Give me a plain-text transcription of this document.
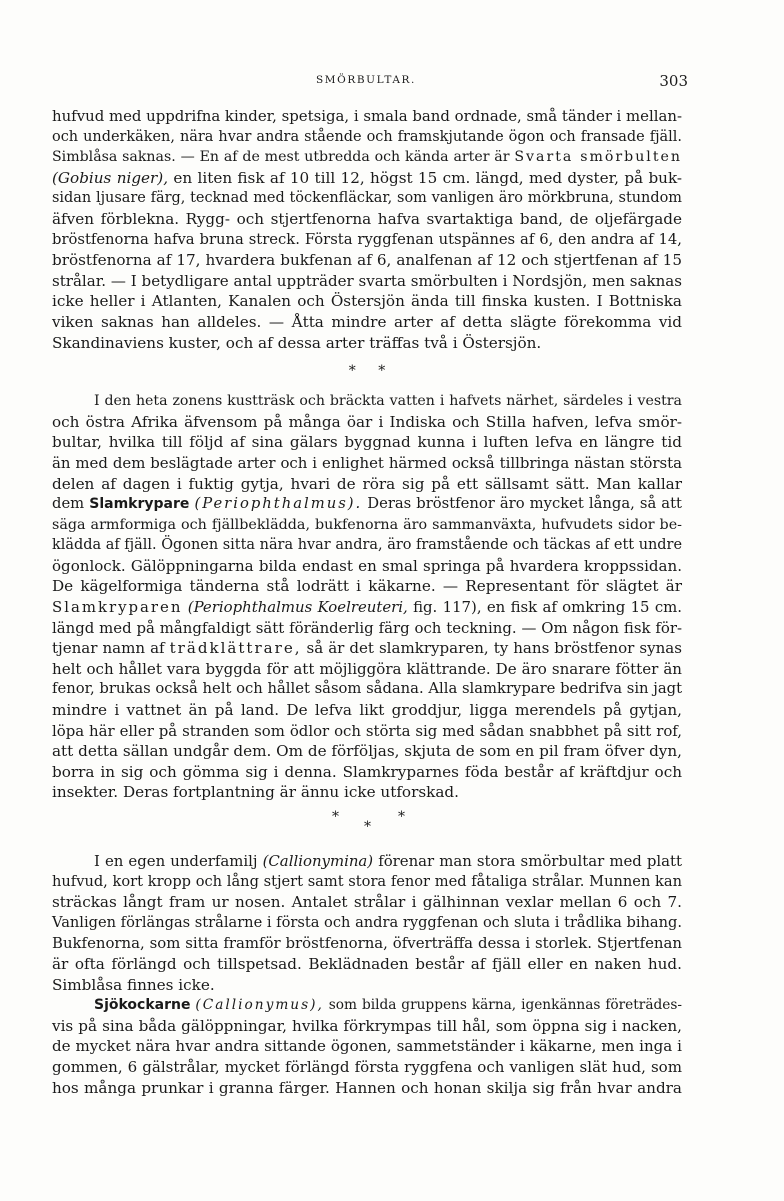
SMÖRBULTAR.	303
hufvud med uppdrifna kinder, spetsiga, i smala band ordnade, små tänder i mellan-
och underkäken, nära hvar andra stående och framskjutande ögon och fransade fjäll.
Simblåsa saknas. — En af de mest utbredda och kända arter är Svarta smörbulten
(Gobius niger), en liten fisk af 10 till 12, högst 15 cm. längd, med dyster, på buk-
sidan ljusare färg, tecknad med töckenfläckar, som vanligen äro mörkbruna, stundom
äfven förblekna. Rygg- och stjertfenorna hafva svartaktiga band, de oljefärgade
bröstfenorna hafva bruna streck. Första ryggfenan utspännes af 6, den andra af 14,
bröstfenorna af 17, hvardera bukfenan af 6, analfenan af 12 och stjertfenan af 15
strålar. — I betydligare antal uppträder svarta smörbulten i Nordsjön, men saknas
icke heller i Atlanten, Kanalen och Östersjön ända till finska kusten. I Bottniska
viken saknas han alldeles. — Åtta mindre arter af detta slägte förekomma vid
Skandinaviens kuster, och af dessa arter träffas två i Östersjön.
* *
I den heta zonens kustträsk och bräckta vatten i hafvets närhet, särdeles i vestra
och östra Afrika äfvensom på många öar i Indiska och Stilla hafven, lefva smör-
bultar, hvilka till följd af sina gälars byggnad kunna i luften lefva en längre tid
än med dem beslägtade arter och i enlighet härmed också tillbringa nästan största
delen af dagen i fuktig gytja, hvari de röra sig på ett sällsamt sätt. Man kallar
dem Slamkrypare (Periophthalmus). Deras bröstfenor äro mycket långa, så att
säga armformiga och fjällbeklädda, bukfenorna äro sammanväxta, hufvudets sidor be-
klädda af fjäll. Ögonen sitta nära hvar andra, äro framstående och täckas af ett undre
ögonlock. Gälöppningarna bilda endast en smal springa på hvardera kroppssidan.
De kägelformiga tänderna stå lodrätt i käkarne. — Representant för slägtet är
Slamkryparen (Periophthalmus Koelreuteri, fig. 117), en fisk af omkring 15 cm.
längd med på mångfaldigt sätt föränderlig färg och teckning. — Om någon fisk för-
tjenar namn af trädklättrare, så är det slamkryparen, ty hans bröstfenor synas
helt och hållet vara byggda för att möjliggöra klättrande. De äro snarare fötter än
fenor, brukas också helt och hållet såsom sådana. Alla slamkrypare bedrifva sin jagt
mindre i vattnet än på land. De lefva likt groddjur, ligga merendels på gytjan,
löpa här eller på stranden som ödlor och störta sig med sådan snabbhet på sitt rof,
att detta sällan undgår dem. Om de förföljas, skjuta de som en pil fram öfver dyn,
borra in sig och gömma sig i denna. Slamkryparnes föda består af kräftdjur och
insekter. Deras fortplantning är ännu icke utforskad.
*
*
*
I en egen underfamilj (Callionymina) förenar man stora smörbultar med platt
hufvud, kort kropp och lång stjert samt stora fenor med fåtaliga strålar. Munnen kan
sträckas långt fram ur nosen. Antalet strålar i gälhinnan vexlar mellan 6 och 7.
Vanligen förlängas strålarne i första och andra ryggfenan och sluta i trådlika bihang.
Bukfenorna, som sitta framför bröstfenorna, öfverträffa dessa i storlek. Stjertfenan
är ofta förlängd och tillspetsad. Beklädnaden består af fjäll eller en naken hud.
Simblåsa finnes icke.
Sjökockarne (Callionymus), som bilda gruppens kärna, igenkännas företrädes-
vis på sina båda gälöppningar, hvilka förkrympas till hål, som öppna sig i nacken,
de mycket nära hvar andra sittande ögonen, sammetständer i käkarne, men inga i
gommen, 6 gälstrålar, mycket förlängd första ryggfena och vanligen slät hud, som
hos många prunkar i granna färger. Hannen och honan skilja sig från hvar andra
